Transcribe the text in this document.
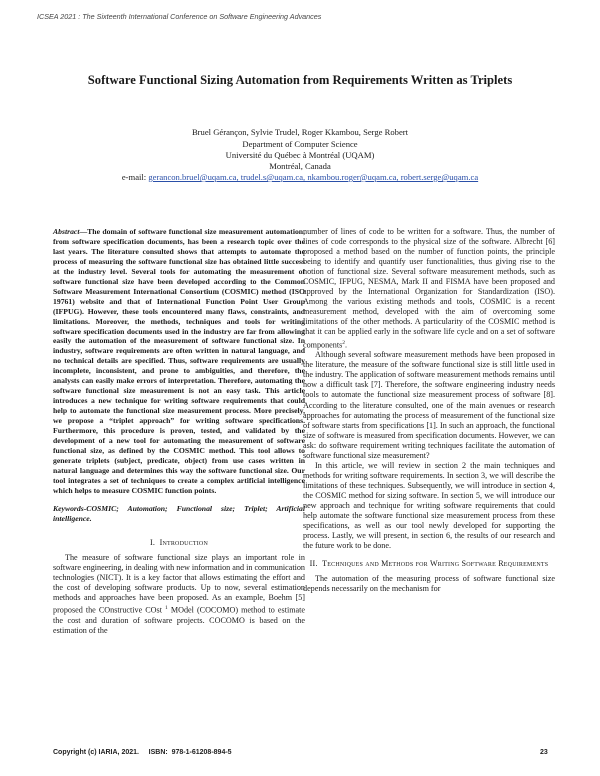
ICSEA 2021 : The Sixteenth International Conference on Software Engineering Advances
Software Functional Sizing Automation from Requirements Written as Triplets
Bruel Gérançon, Sylvie Trudel, Roger Kkambou, Serge Robert
Department of Computer Science
Université du Québec à Montréal (UQAM)
Montréal, Canada
e-mail: gerancon.bruel@uqam.ca, trudel.s@uqam.ca, nkambou.roger@uqam.ca, robert.serge@uqam.ca
Abstract—The domain of software functional size measurement automation, from software specification documents, has been a research topic over the last years. The literature consulted shows that attempts to automate the process of measuring the software functional size has obtained little success at the industry level. Several tools for automating the measurement of software functional size have been developed according to the Common Software Measurement International Consortium (COSMIC) method (ISO 19761) website and that of International Function Point User Group (IFPUG). However, these tools encountered many flaws, constraints, and limitations. Moreover, the methods, techniques and tools for writing software specification documents used in the industry are far from allowing easily the automation of the measurement of software functional size. In industry, software requirements are often written in natural language, and no technical details are specified. Thus, software requirements are usually incomplete, inconsistent, and prone to ambiguities, and therefore, the analysts can easily make errors of interpretation. Therefore, automating the software functional size measurement is not an easy task. This article introduces a new technique for writing software requirements that could help to automate the functional size measurement process. More precisely, we propose a “triplet approach” for writing software specifications. Furthermore, this procedure is proven, tested, and validated by the development of a new tool for automating the measurement of software functional size, as defined by the COSMIC method. This tool allows to generate triplets (subject, predicate, object) from use cases written in natural language and determines this way the software functional size. Our tool integrates a set of techniques to create a complex artificial intelligence which helps to measure COSMIC function points.
Keywords-COSMIC; Automation; Functional size; Triplet; Artificial intelligence.
I. Introduction

The measure of software functional size plays an important role in software engineering, in dealing with new information and in communication technologies (NICT). It is a key factor that allows estimating the effort and the cost of developing software products. Up to now, several estimation methods and approaches have been proposed. As an example, Boehm [5] proposed the COnstructive COst $^1$ MOdel (COCOMO) method to estimate the cost and duration of software projects. COCOMO is based on the estimation of the

number of lines of code to be written for a software. Thus, the number of lines of code corresponds to the physical size of the software. Albrecht [6] proposed a method based on the number of function points, the principle being to identify and quantify user functionalities, thus giving rise to the notion of functional size. Several software measurement methods, such as COSMIC, IFPUG, NESMA, Mark II and FISMA have been proposed and approved by the International Organization for Standardization (ISO). Among the various existing methods and tools, COSMIC is a recent measurement method, developed with the aim of overcoming some limitations of the other methods. A particularity of the COSMIC method is that it can be applied early in the software life cycle and on a set of software components$^2$.

Although several software measurement methods have been proposed in the literature, the measure of the software functional size is still little used in the industry. The application of software measurement methods remains until now a difficult task [7]. Therefore, the software engineering industry needs tools to automate the functional size measurement process of software [8]. According to the literature consulted, one of the main avenues or research approaches for automating the process of measurement of the functional size of software starts from specifications [1]. In such an approach, the functional size of software is measured from specification documents. However, we can ask: do software requirement writing techniques facilitate the automation of software functional size measurement?

In this article, we will review in section 2 the main techniques and methods for writing software requirements. In section 3, we will describe the limitations of these techniques. Subsequently, we will introduce in section 4, the COSMIC method for sizing software. In section 5, we will introduce our new approach and technique for writing software requirements that could help automate the software functional size measurement process from these specifications, as well as our tool newly developed for supporting the process. Lastly, we will present, in section 6, the results of our research and the future work to be done.

II. Techniques and Methods for Writing Software Requirements

The automation of the measuring process of software functional size depends necessarily on the mechanism for

Copyright (c) IARIA, 2021.     ISBN:  978-1-61208-894-5	23
